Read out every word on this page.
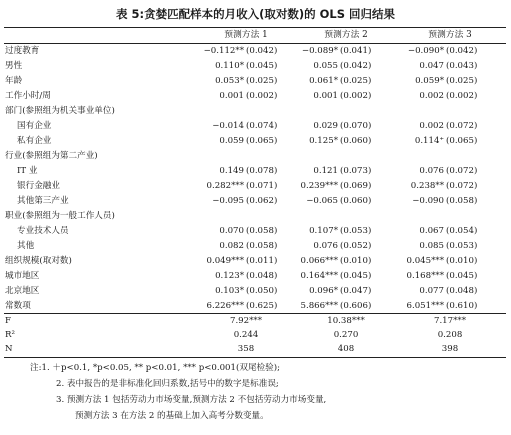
表 5:贪婪匹配样本的月收入(取对数)的 OLS 回归结果
预测方法 1	预测方法 2	预测方法 3
过度教育	−0.112** (0.042)	−0.089* (0.041)	−0.090* (0.042)
男性	0.110* (0.045)	0.055 (0.042)	0.047 (0.043)
年龄	0.053* (0.025)	0.061* (0.025)	0.059* (0.025)
工作小时/周	0.001 (0.002)	0.001 (0.002)	0.002 (0.002)
部门(参照组为机关事业单位)
国有企业	−0.014 (0.074)	0.029 (0.070)	0.002 (0.072)
私有企业	0.059 (0.065)	0.125* (0.060)	0.114⁺ (0.065)
行业(参照组为第二产业)
IT 业	0.149 (0.078)	0.121 (0.073)	0.076 (0.072)
银行金融业	0.282*** (0.071)	0.239*** (0.069)	0.238** (0.072)
其他第三产业	−0.095 (0.062)	−0.065 (0.060)	−0.090 (0.058)
职业(参照组为一般工作人员)
专业技术人员	0.070 (0.058)	0.107* (0.053)	0.067 (0.054)
其他	0.082 (0.058)	0.076 (0.052)	0.085 (0.053)
组织规模(取对数)	0.049*** (0.011)	0.066*** (0.010)	0.045*** (0.010)
城市地区	0.123* (0.048)	0.164*** (0.045)	0.168*** (0.045)
北京地区	0.103* (0.050)	0.096* (0.047)	0.077 (0.048)
常数项	6.226*** (0.625)	5.866*** (0.606)	6.051*** (0.610)
F	7.92***	10.38***	7.17***
R²	0.244	0.270	0.208
N	358	408	398
注:1. ＋p<0.1, *p<0.05, ** p<0.01, *** p<0.001(双尾检验);
2. 表中报告的是非标准化回归系数,括号中的数字是标准误;
3. 预测方法 1 包括劳动力市场变量,预测方法 2 不包括劳动力市场变量,
预测方法 3 在方法 2 的基础上加入高考分数变量。
